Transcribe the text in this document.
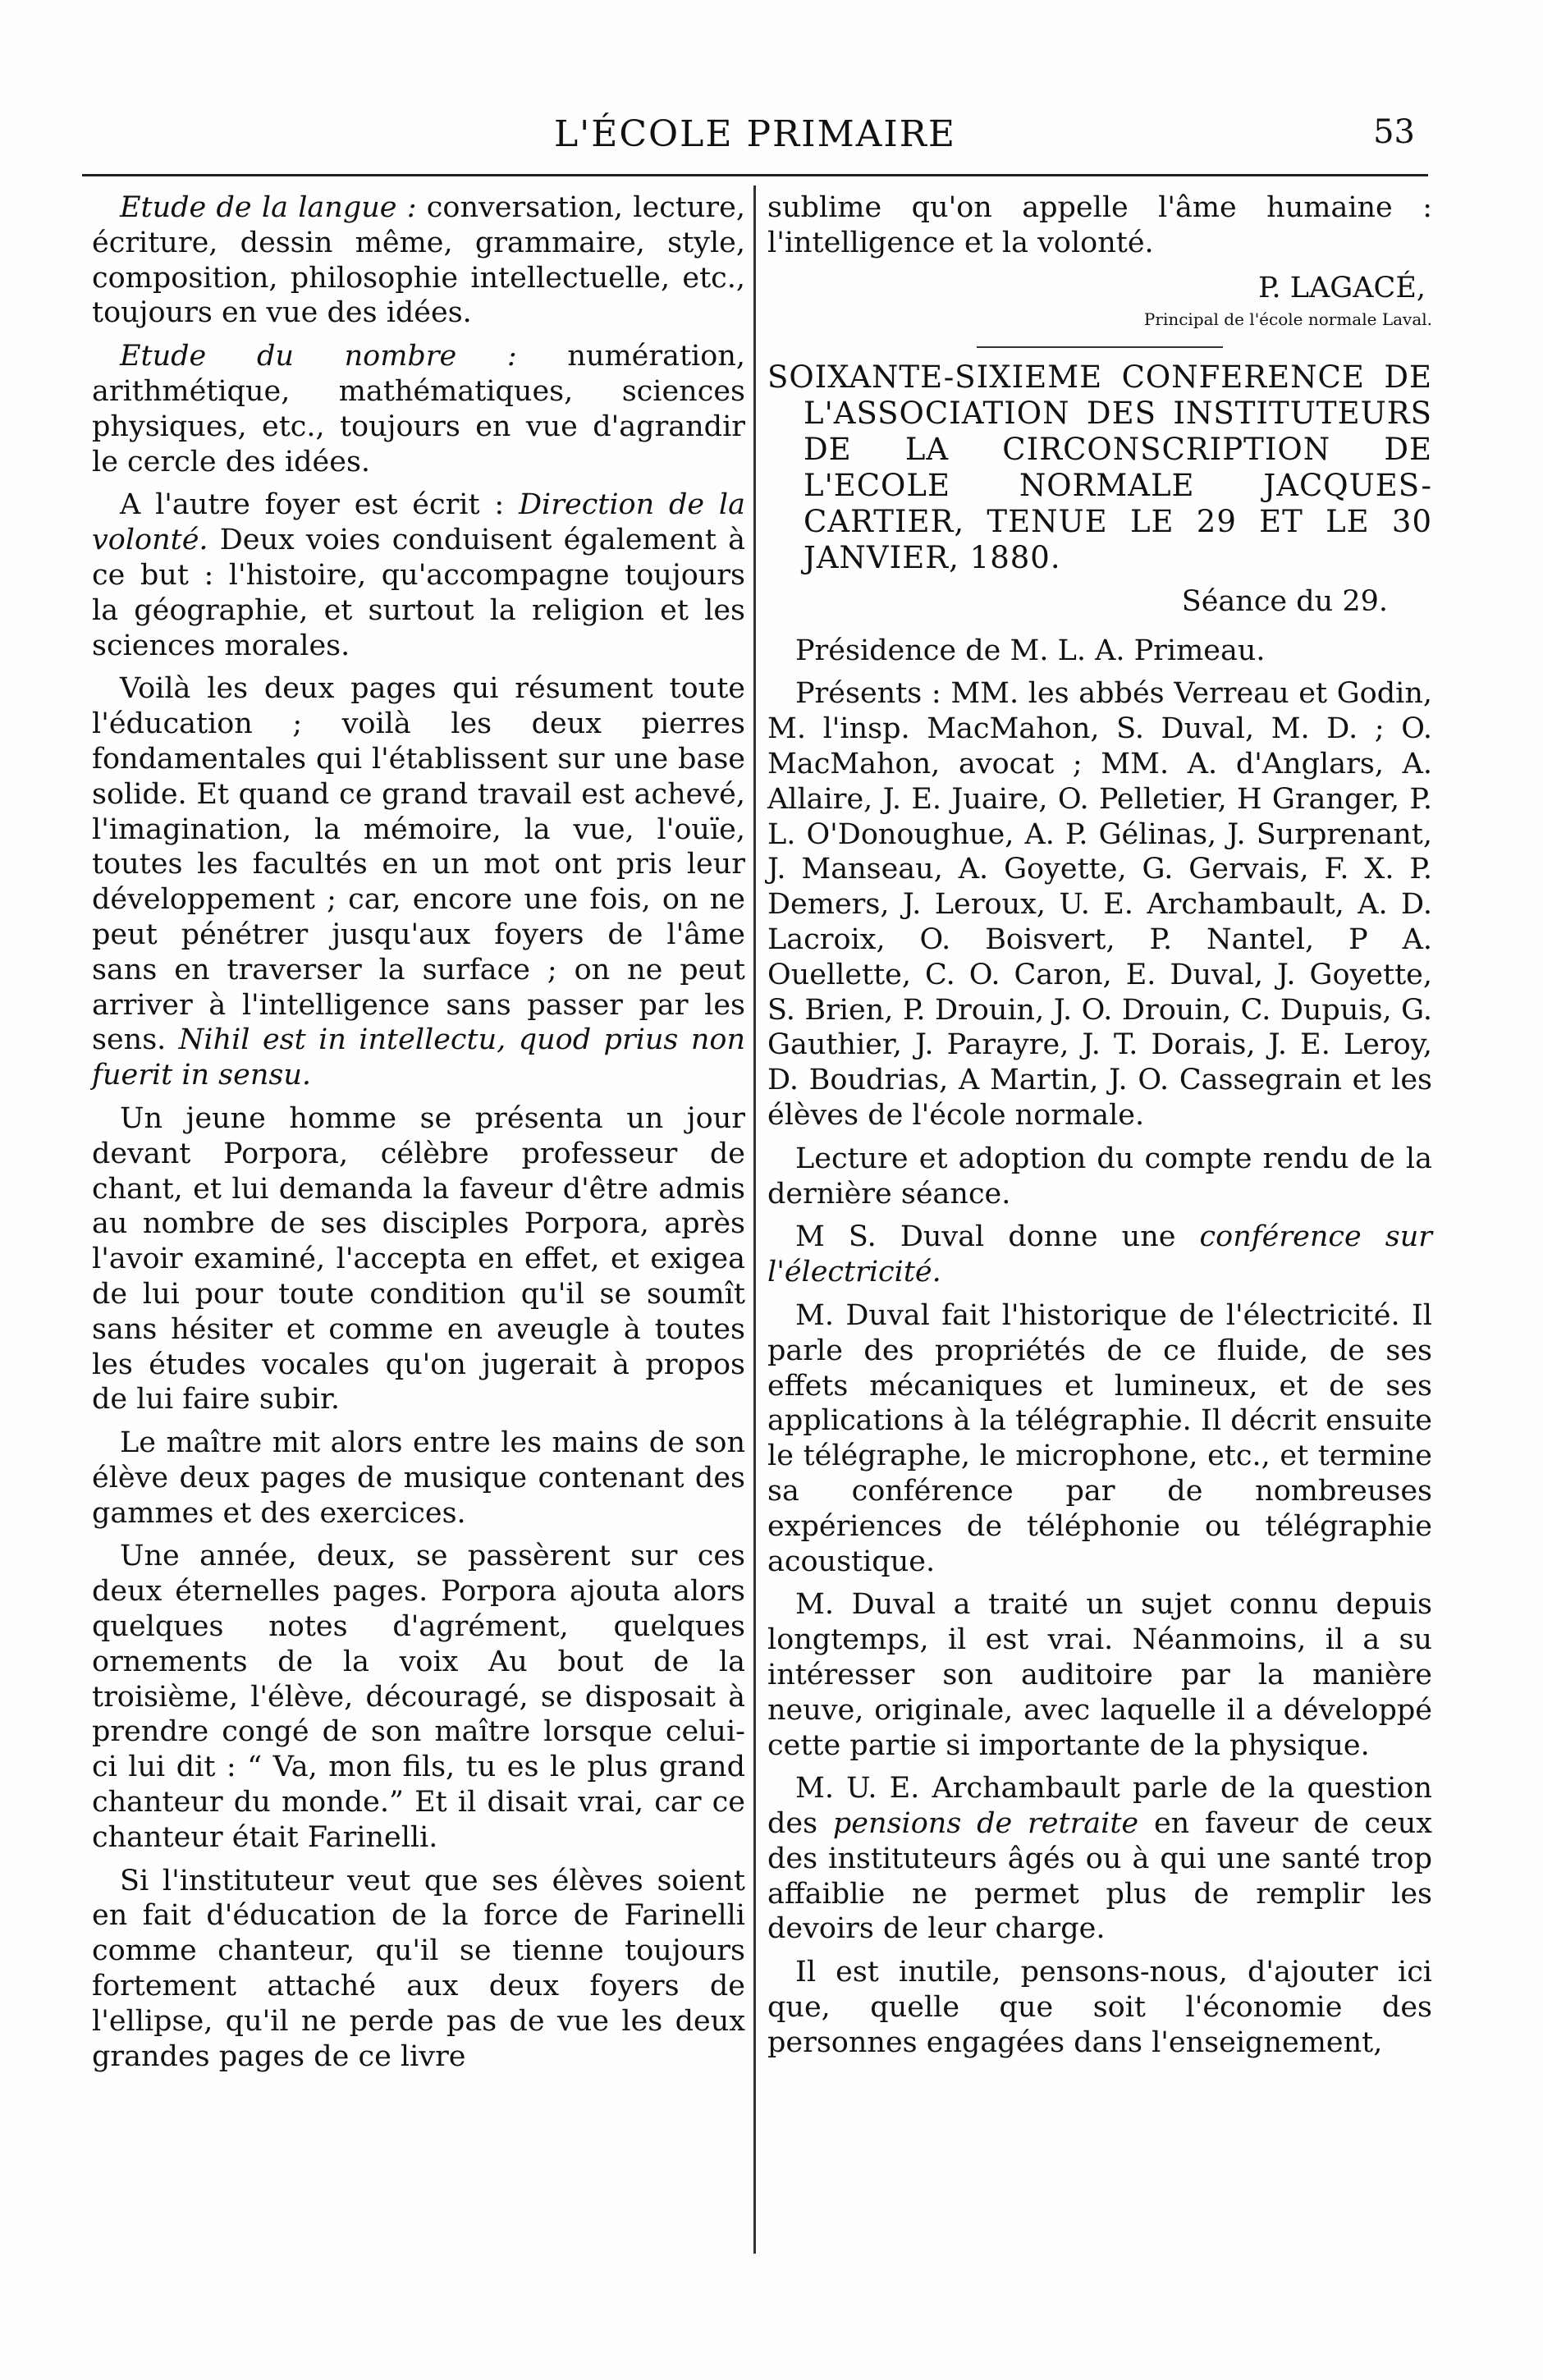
L'ÉCOLE PRIMAIRE	53

Etude de la langue : conversation, lecture, écriture, dessin même, grammaire, style, composition, philosophie intellectuelle, etc., toujours en vue des idées.

Etude du nombre : numération, arithmétique, mathématiques, sciences physiques, etc., toujours en vue d'agrandir le cercle des idées.

A l'autre foyer est écrit : Direction de la volonté. Deux voies conduisent également à ce but : l'histoire, qu'accompagne toujours la géographie, et surtout la religion et les sciences morales.

Voilà les deux pages qui résument toute l'éducation ; voilà les deux pierres fondamentales qui l'établissent sur une base solide. Et quand ce grand travail est achevé, l'imagination, la mémoire, la vue, l'ouïe, toutes les facultés en un mot ont pris leur développement ; car, encore une fois, on ne peut pénétrer jusqu'aux foyers de l'âme sans en traverser la surface ; on ne peut arriver à l'intelligence sans passer par les sens. Nihil est in intellectu, quod prius non fuerit in sensu.

Un jeune homme se présenta un jour devant Porpora, célèbre professeur de chant, et lui demanda la faveur d'être admis au nombre de ses disciples Porpora, après l'avoir examiné, l'accepta en effet, et exigea de lui pour toute condition qu'il se soumît sans hésiter et comme en aveugle à toutes les études vocales qu'on jugerait à propos de lui faire subir.

Le maître mit alors entre les mains de son élève deux pages de musique contenant des gammes et des exercices.

Une année, deux, se passèrent sur ces deux éternelles pages. Porpora ajouta alors quelques notes d'agrément, quelques ornements de la voix Au bout de la troisième, l'élève, découragé, se disposait à prendre congé de son maître lorsque celui-ci lui dit : “ Va, mon fils, tu es le plus grand chanteur du monde.” Et il disait vrai, car ce chanteur était Farinelli.

Si l'instituteur veut que ses élèves soient en fait d'éducation de la force de Farinelli comme chanteur, qu'il se tienne toujours fortement attaché aux deux foyers de l'ellipse, qu'il ne perde pas de vue les deux grandes pages de ce livre

sublime qu'on appelle l'âme humaine : l'intelligence et la volonté.

P. LAGACÉ,

Principal de l'école normale Laval.

SOIXANTE-SIXIEME CONFERENCE DE L'ASSOCIATION DES INSTITUTEURS DE LA CIRCONSCRIPTION DE L'ECOLE NORMALE JACQUES-CARTIER, TENUE LE 29 ET LE 30 JANVIER, 1880.

Séance du 29.

Présidence de M. L. A. Primeau.

Présents : MM. les abbés Verreau et Godin, M. l'insp. MacMahon, S. Duval, M. D. ; O. MacMahon, avocat ; MM. A. d'Anglars, A. Allaire, J. E. Juaire, O. Pelletier, H Granger, P. L. O'Donoughue, A. P. Gélinas, J. Surprenant, J. Manseau, A. Goyette, G. Gervais, F. X. P. Demers, J. Leroux, U. E. Archambault, A. D. Lacroix, O. Boisvert, P. Nantel, P A. Ouellette, C. O. Caron, E. Duval, J. Goyette, S. Brien, P. Drouin, J. O. Drouin, C. Dupuis, G. Gauthier, J. Parayre, J. T. Dorais, J. E. Leroy, D. Boudrias, A Martin, J. O. Cassegrain et les élèves de l'école normale.

Lecture et adoption du compte rendu de la dernière séance.

M S. Duval donne une conférence sur l'électricité.

M. Duval fait l'historique de l'électricité. Il parle des propriétés de ce fluide, de ses effets mécaniques et lumineux, et de ses applications à la télégraphie. Il décrit ensuite le télégraphe, le microphone, etc., et termine sa conférence par de nombreuses expériences de téléphonie ou télégraphie acoustique.

M. Duval a traité un sujet connu depuis longtemps, il est vrai. Néanmoins, il a su intéresser son auditoire par la manière neuve, originale, avec laquelle il a développé cette partie si importante de la physique.

M. U. E. Archambault parle de la question des pensions de retraite en faveur de ceux des instituteurs âgés ou à qui une santé trop affaiblie ne permet plus de remplir les devoirs de leur charge.

Il est inutile, pensons-nous, d'ajouter ici que, quelle que soit l'économie des personnes engagées dans l'enseignement,
